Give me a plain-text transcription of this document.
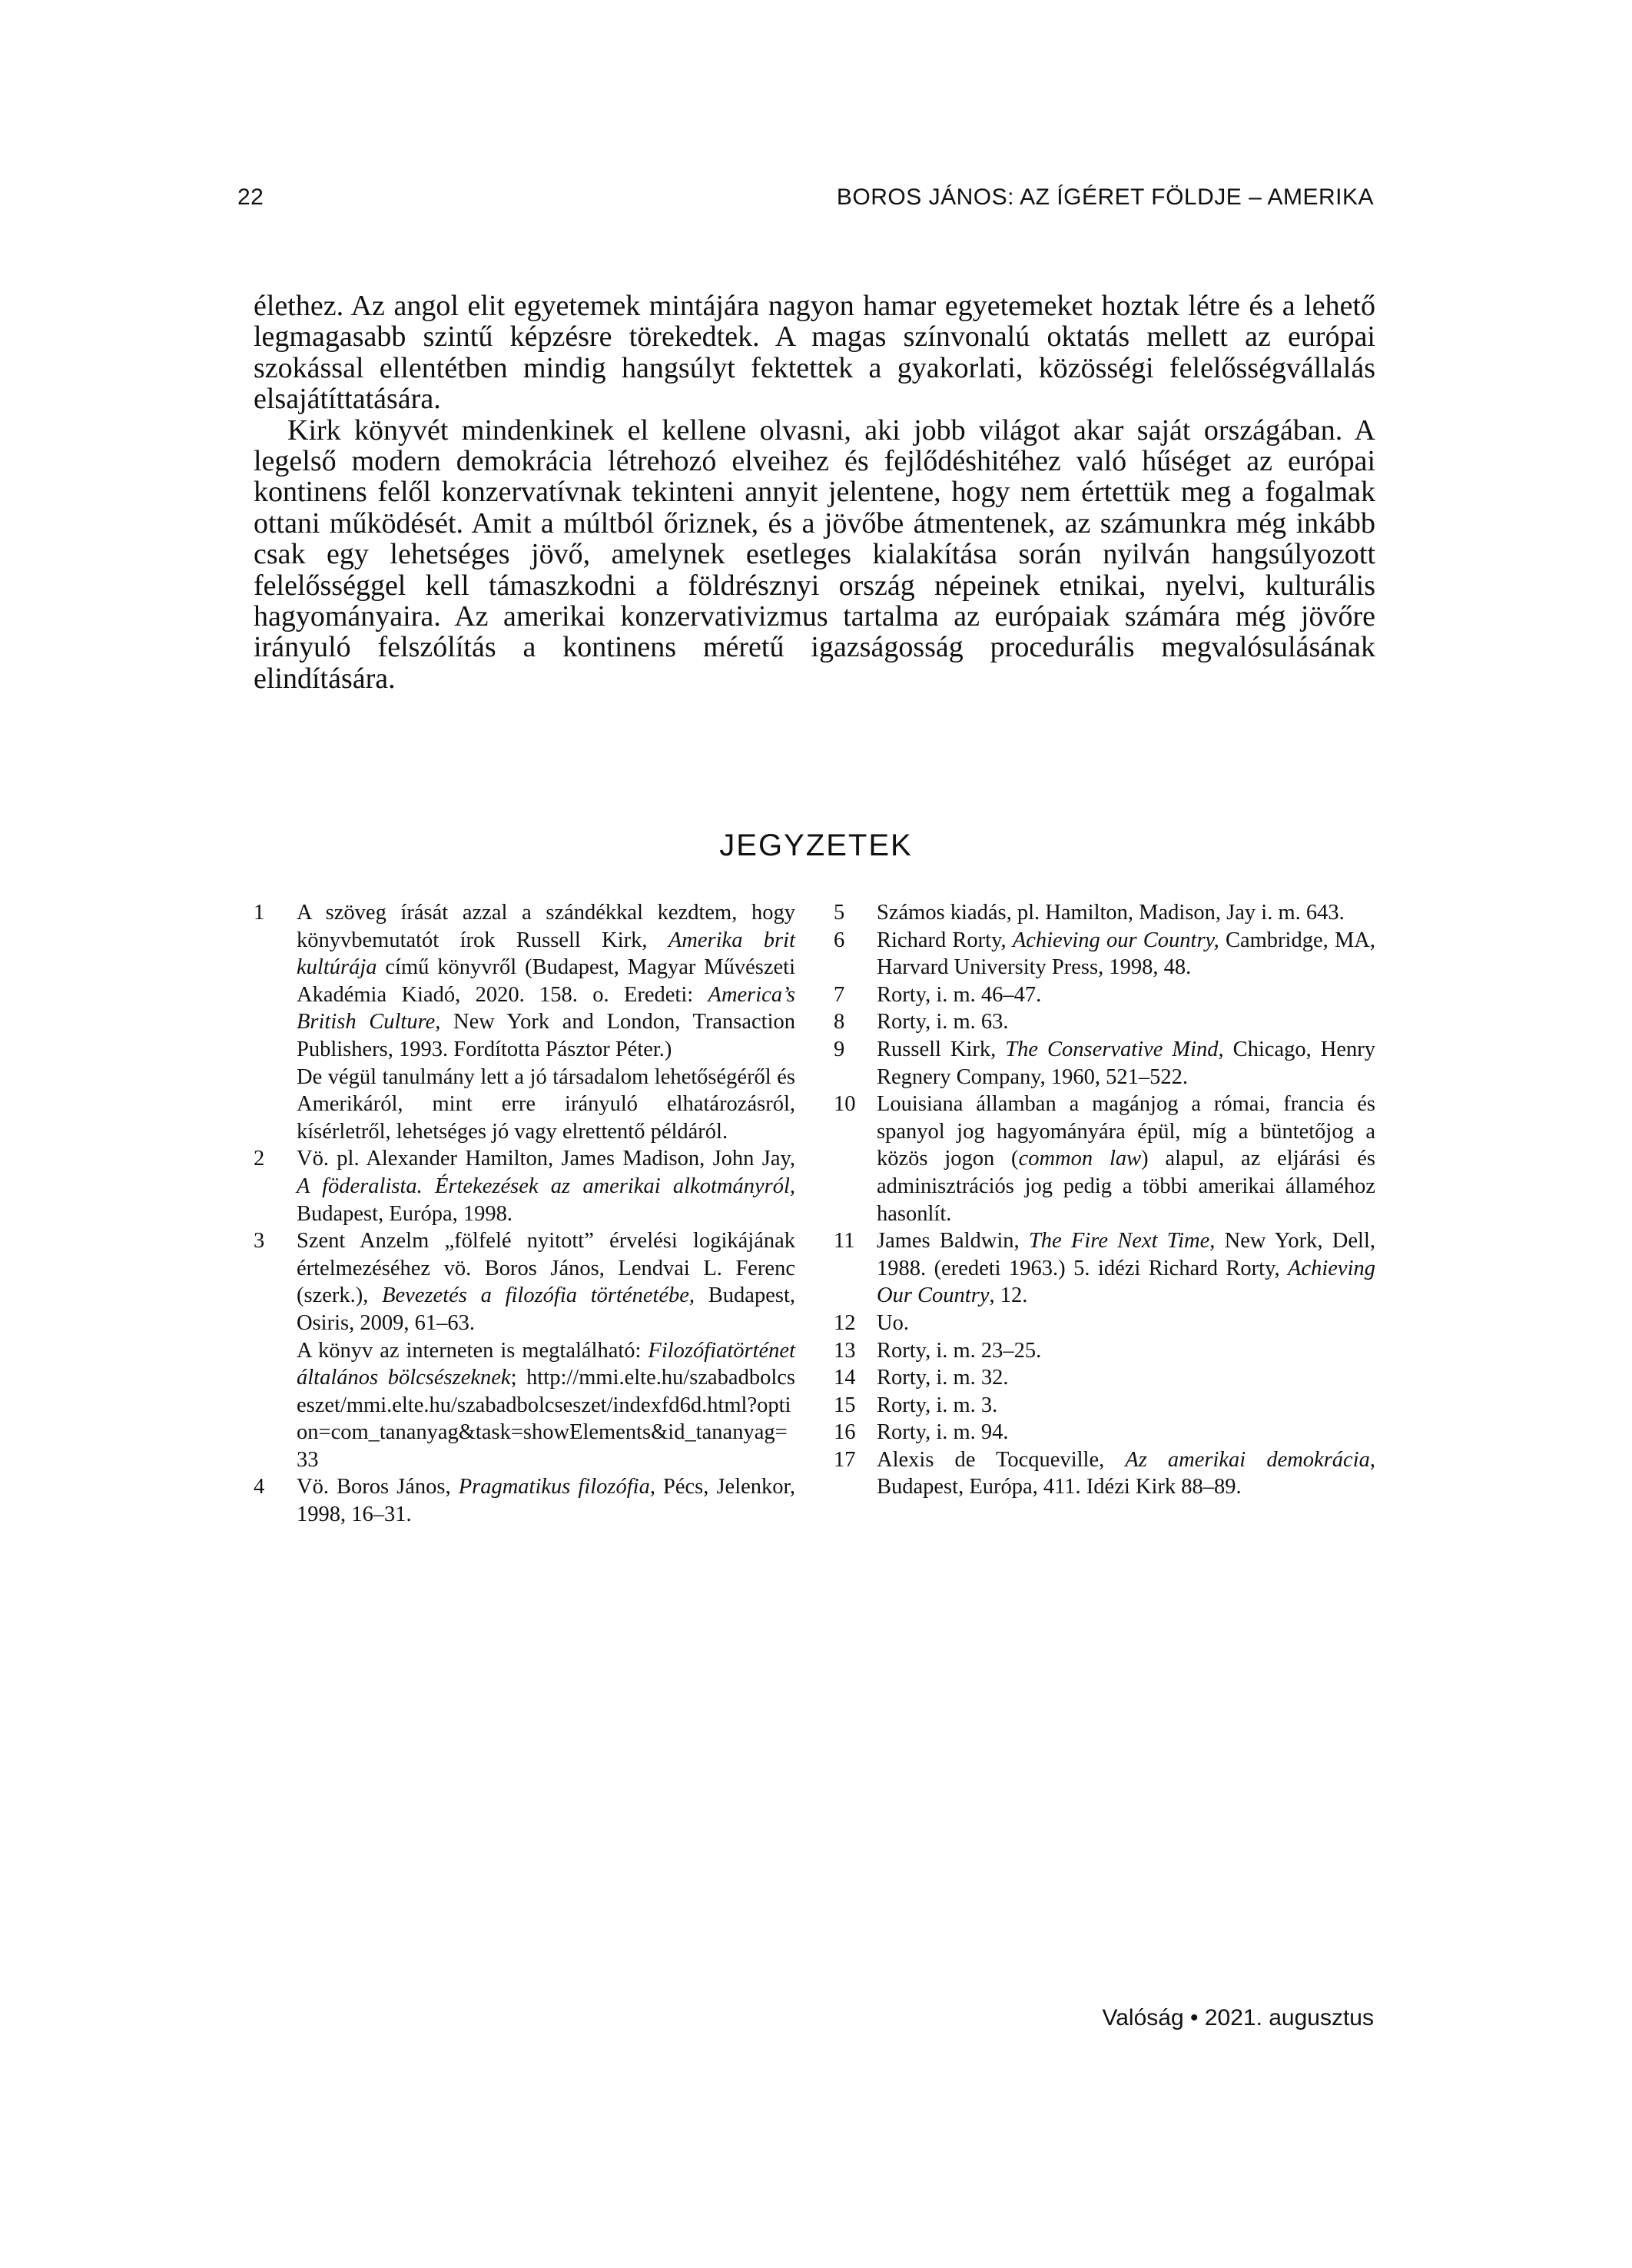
22	BOROS JÁNOS: AZ ÍGÉRET FÖLDJE – AMERIKA

élethez. Az angol elit egyetemek mintájára nagyon hamar egyetemeket hoztak létre és a lehető legmagasabb szintű képzésre törekedtek. A magas színvonalú oktatás mellett az európai szokással ellentétben mindig hangsúlyt fektettek a gyakorlati, közösségi felelősségvállalás elsajátíttatására.

Kirk könyvét mindenkinek el kellene olvasni, aki jobb világot akar saját országában. A legelső modern demokrácia létrehozó elveihez és fejlődéshitéhez való hűséget az európai kontinens felől konzervatívnak tekinteni annyit jelentene, hogy nem értettük meg a fogalmak ottani működését. Amit a múltból őriznek, és a jövőbe átmentenek, az számunkra még inkább csak egy lehetséges jövő, amelynek esetleges kialakítása során nyilván hangsúlyozott felelősséggel kell támaszkodni a földrésznyi ország népeinek etnikai, nyelvi, kulturális hagyományaira. Az amerikai konzervativizmus tartalma az európaiak számára még jövőre irányuló felszólítás a kontinens méretű igazságosság procedurális megvalósulásának elindítására.

JEGYZETEK
1	A szöveg írását azzal a szándékkal kezdtem, hogy könyvbemutatót írok Russell Kirk, Amerika brit kultúrája című könyvről (Budapest, Magyar Művészeti Akadémia Kiadó, 2020. 158. o. Eredeti: America’s British Culture, New York and London, Transaction Publishers, 1993. Fordította Pásztor Péter.)

De végül tanulmány lett a jó társadalom lehetőségéről és Amerikáról, mint erre irányuló elhatározásról, kísérletről, lehetséges jó vagy elrettentő példáról.

2	Vö. pl. Alexander Hamilton, James Madison, John Jay, A föderalista. Értekezések az amerikai alkotmányról, Budapest, Európa, 1998.

3	Szent Anzelm „fölfelé nyitott” érvelési logikájának értelmezéséhez vö. Boros János, Lendvai L. Ferenc (szerk.), Bevezetés a filozófia történetébe, Budapest, Osiris, 2009, 61–63.

A könyv az interneten is megtalálható: Filozófiatörténet általános bölcsészeknek; http://mmi.elte.hu/szabadbolcseszet/mmi.elte.hu/szabadbolcseszet/indexfd6d.html?option=com_tananyag&task=showElements&id_tananyag=33

4	Vö. Boros János, Pragmatikus filozófia, Pécs, Jelenkor, 1998, 16–31.

5	Számos kiadás, pl. Hamilton, Madison, Jay i. m. 643.

6	Richard Rorty, Achieving our Country, Cambridge, MA, Harvard University Press, 1998, 48.

7	Rorty, i. m. 46–47.

8	Rorty, i. m. 63.

9	Russell Kirk, The Conservative Mind, Chicago, Henry Regnery Company, 1960, 521–522.

10 Louisiana államban a magánjog a római, francia és spanyol jog hagyományára épül, míg a büntetőjog a közös jogon (common law) alapul, az eljárási és adminisztrációs jog pedig a többi amerikai államéhoz hasonlít.

11	James Baldwin, The Fire Next Time, New York, Dell, 1988. (eredeti 1963.) 5. idézi Richard Rorty, Achieving Our Country, 12.

12 Uo.

13 Rorty, i. m. 23–25.

14 Rorty, i. m. 32.

15 Rorty, i. m. 3.

16 Rorty, i. m. 94.

17 Alexis de Tocqueville, Az amerikai demokrácia, Budapest, Európa, 411. Idézi Kirk 88–89.

Valóság • 2021. augusztus
